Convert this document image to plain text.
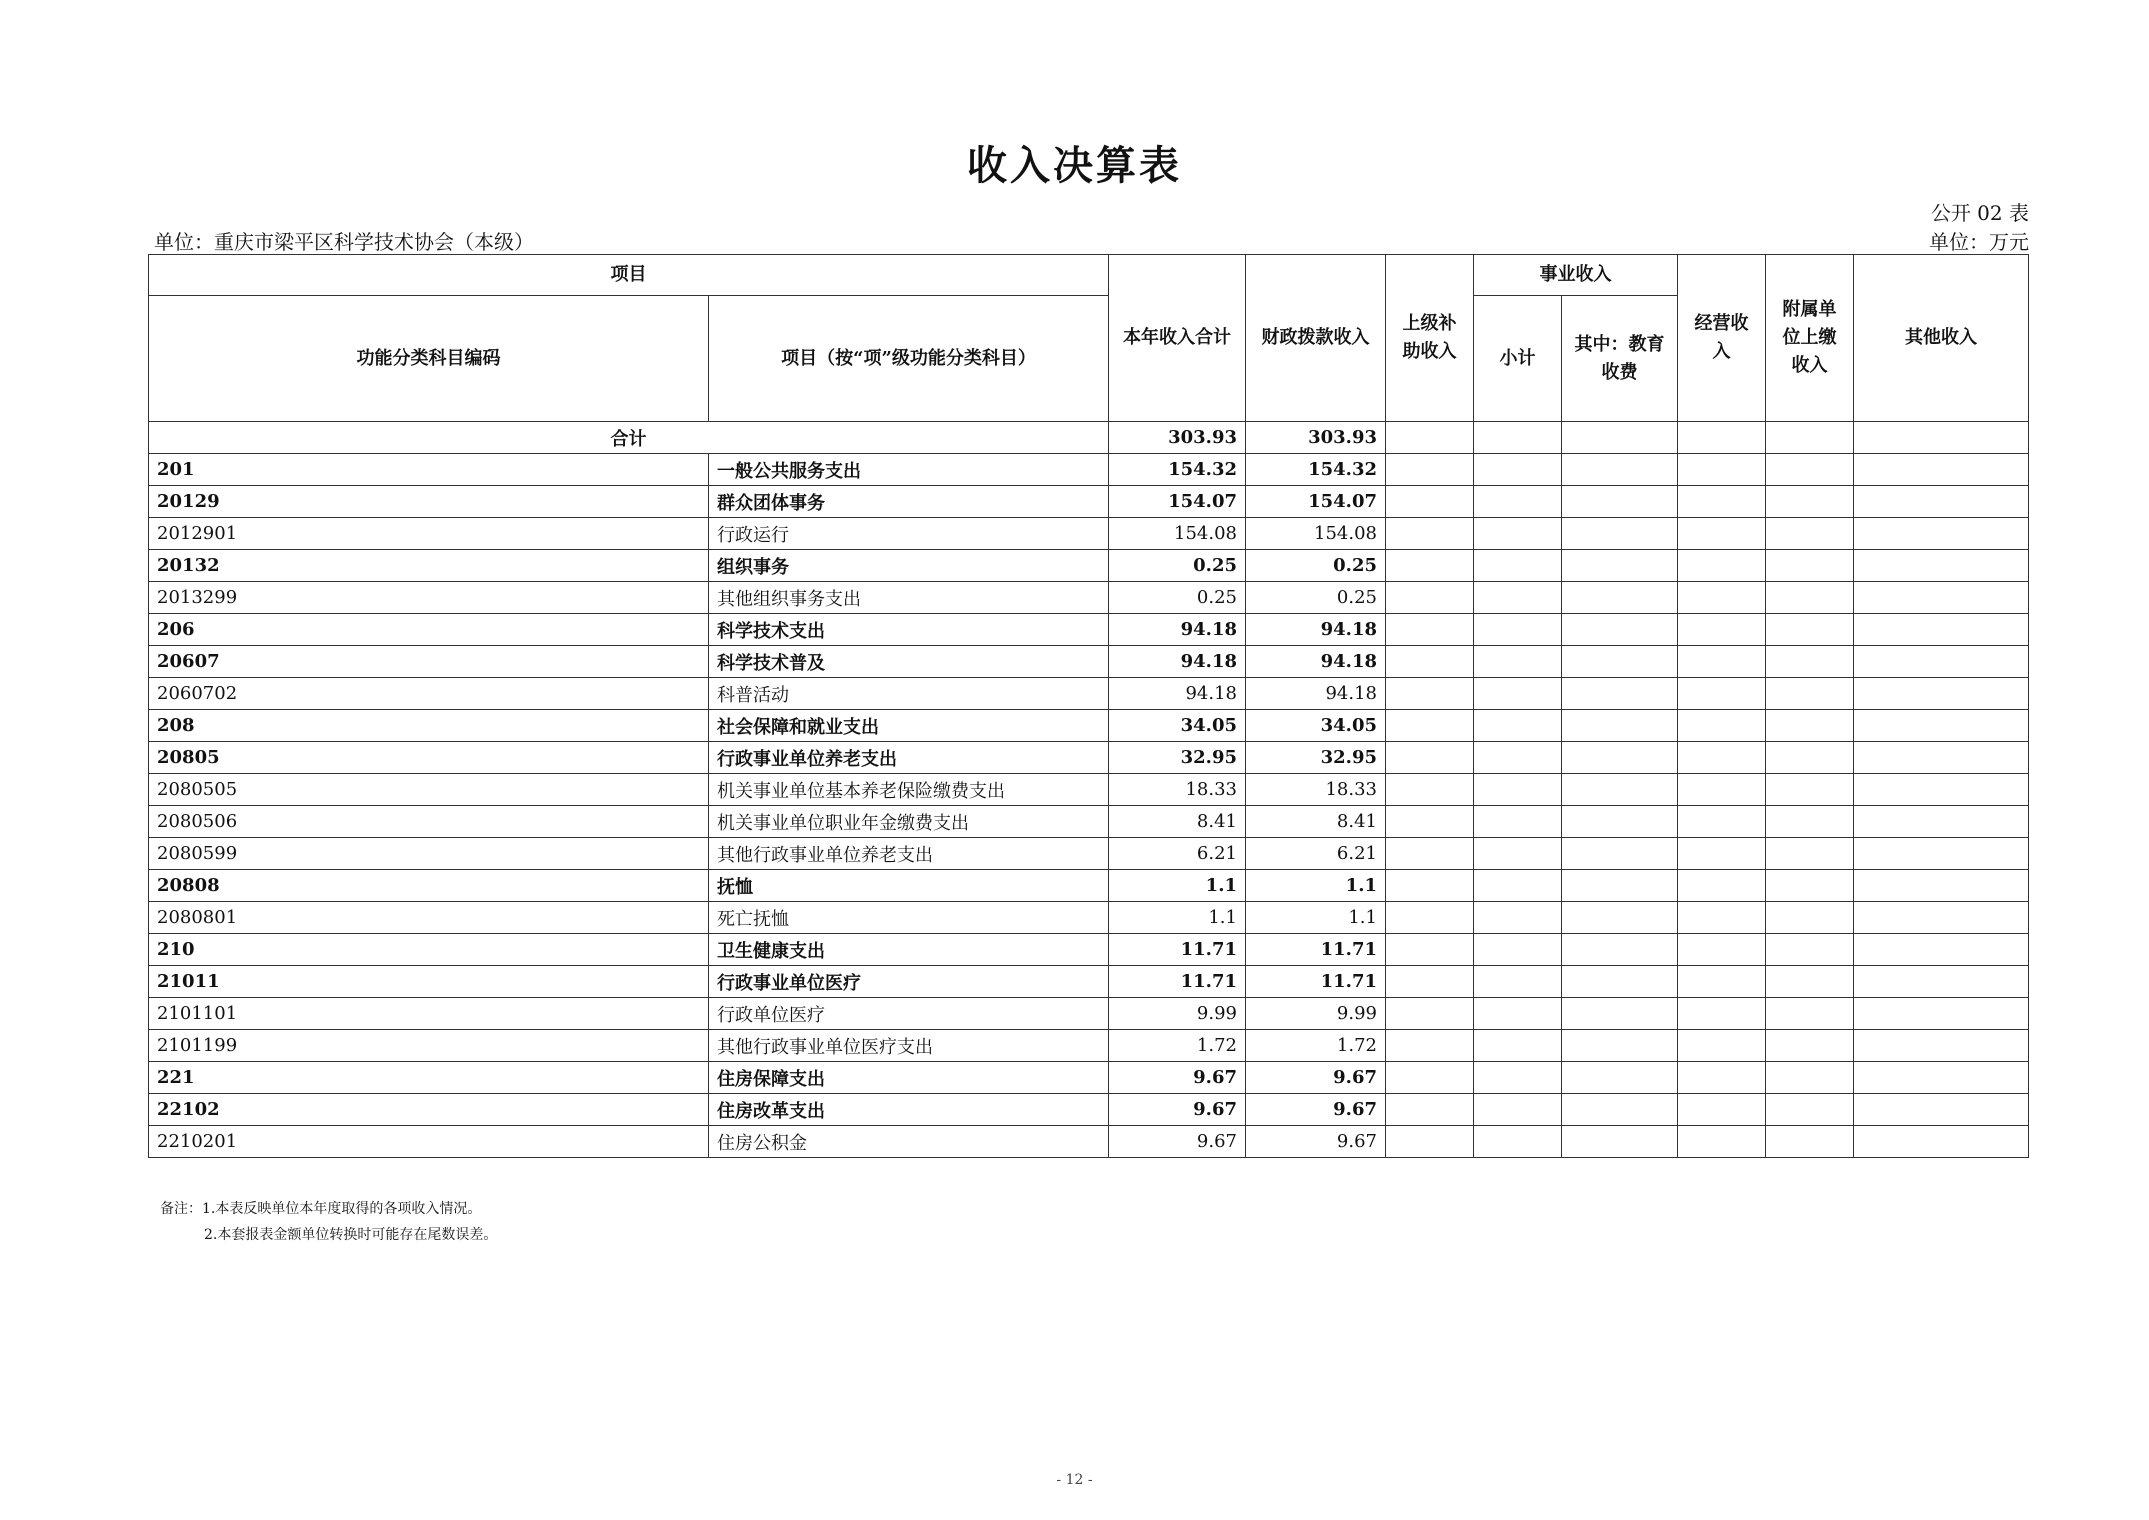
收入决算表
公开 02 表
单位：重庆市梁平区科学技术协会（本级）	单位：万元
项目		本年收入合计	财政拨款收入	上级补助收入	事业收入		经营收入	附属单位上缴收入	其他收入
功能分类科目编码	项目（按“项”级功能分类科目）				小计	其中：教育收费			
合计		303.93	303.93						
201	一般公共服务支出	154.32	154.32						
20129	群众团体事务	154.07	154.07						
2012901	行政运行	154.08	154.08						
20132	组织事务	0.25	0.25						
2013299	其他组织事务支出	0.25	0.25						
206	科学技术支出	94.18	94.18						
20607	科学技术普及	94.18	94.18						
2060702	科普活动	94.18	94.18						
208	社会保障和就业支出	34.05	34.05						
20805	行政事业单位养老支出	32.95	32.95						
2080505	机关事业单位基本养老保险缴费支出	18.33	18.33						
2080506	机关事业单位职业年金缴费支出	8.41	8.41						
2080599	其他行政事业单位养老支出	6.21	6.21						
20808	抚恤	1.1	1.1						
2080801	死亡抚恤	1.1	1.1						
210	卫生健康支出	11.71	11.71						
21011	行政事业单位医疗	11.71	11.71						
2101101	行政单位医疗	9.99	9.99						
2101199	其他行政事业单位医疗支出	1.72	1.72						
221	住房保障支出	9.67	9.67						
22102	住房改革支出	9.67	9.67						
2210201	住房公积金	9.67	9.67						
备注：1.本表反映单位本年度取得的各项收入情况。
2.本套报表金额单位转换时可能存在尾数误差。
- 12 -
